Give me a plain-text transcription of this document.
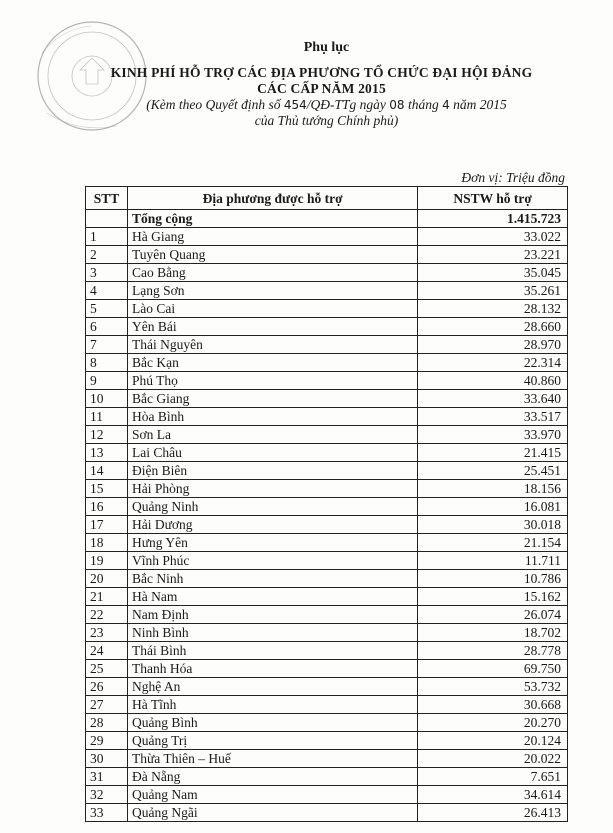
Phụ lục
KINH PHÍ HỖ TRỢ CÁC ĐỊA PHƯƠNG TỔ CHỨC ĐẠI HỘI ĐẢNG
CÁC CẤP NĂM 2015
(Kèm theo Quyết định số 454/QĐ-TTg ngày 08 tháng 4 năm 2015
của Thủ tướng Chính phủ)
Đơn vị: Triệu đồng
STT	Địa phương được hỗ trợ	NSTW hỗ trợ
	Tổng cộng	1.415.723
1	Hà Giang	33.022
2	Tuyên Quang	23.221
3	Cao Bằng	35.045
4	Lạng Sơn	35.261
5	Lào Cai	28.132
6	Yên Bái	28.660
7	Thái Nguyên	28.970
8	Bắc Kạn	22.314
9	Phú Thọ	40.860
10	Bắc Giang	33.640
11	Hòa Bình	33.517
12	Sơn La	33.970
13	Lai Châu	21.415
14	Điện Biên	25.451
15	Hải Phòng	18.156
16	Quảng Ninh	16.081
17	Hải Dương	30.018
18	Hưng Yên	21.154
19	Vĩnh Phúc	11.711
20	Bắc Ninh	10.786
21	Hà Nam	15.162
22	Nam Định	26.074
23	Ninh Bình	18.702
24	Thái Bình	28.778
25	Thanh Hóa	69.750
26	Nghệ An	53.732
27	Hà Tĩnh	30.668
28	Quảng Bình	20.270
29	Quảng Trị	20.124
30	Thừa Thiên – Huế	20.022
31	Đà Nẵng	7.651
32	Quảng Nam	34.614
33	Quảng Ngãi	26.413
